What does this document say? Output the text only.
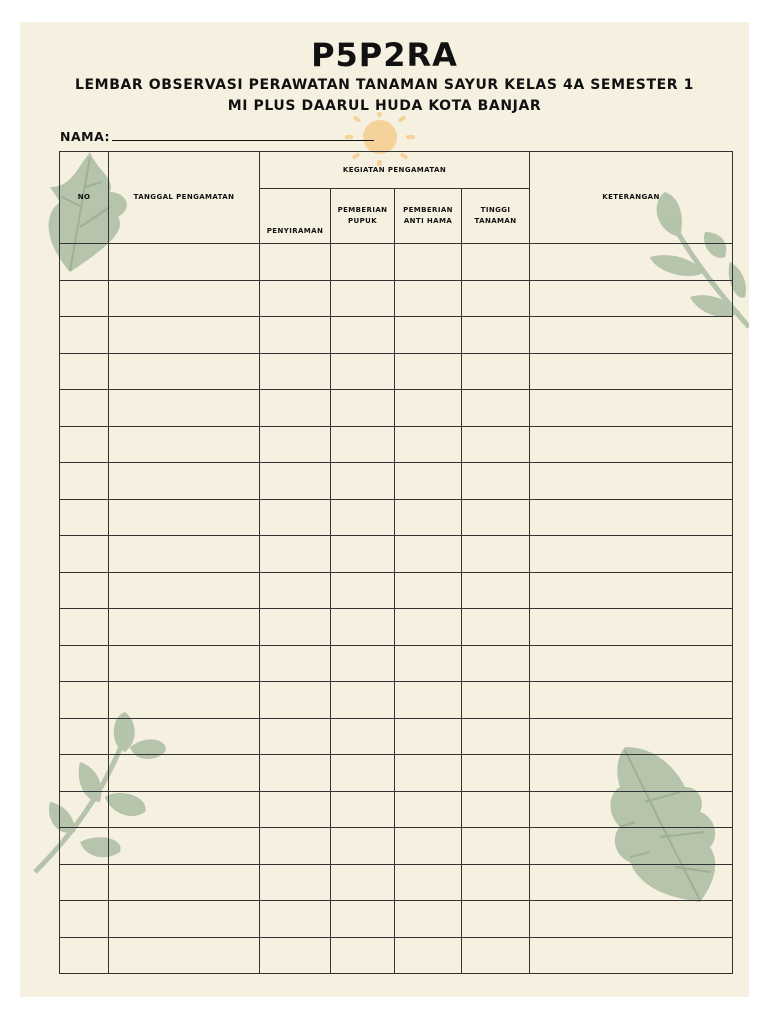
P5P2RA

LEMBAR OBSERVASI PERAWATAN TANAMAN SAYUR KELAS 4A SEMESTER 1

MI PLUS DAARUL HUDA KOTA BANJAR

NAMA:
NO	TANGGAL PENGAMATAN	KEGIATAN PENGAMATAN				KETERANGAN
		PENYIRAMAN	PEMBERIAN PUPUK	PEMBERIAN ANTI HAMA	TINGGI TANAMAN	
